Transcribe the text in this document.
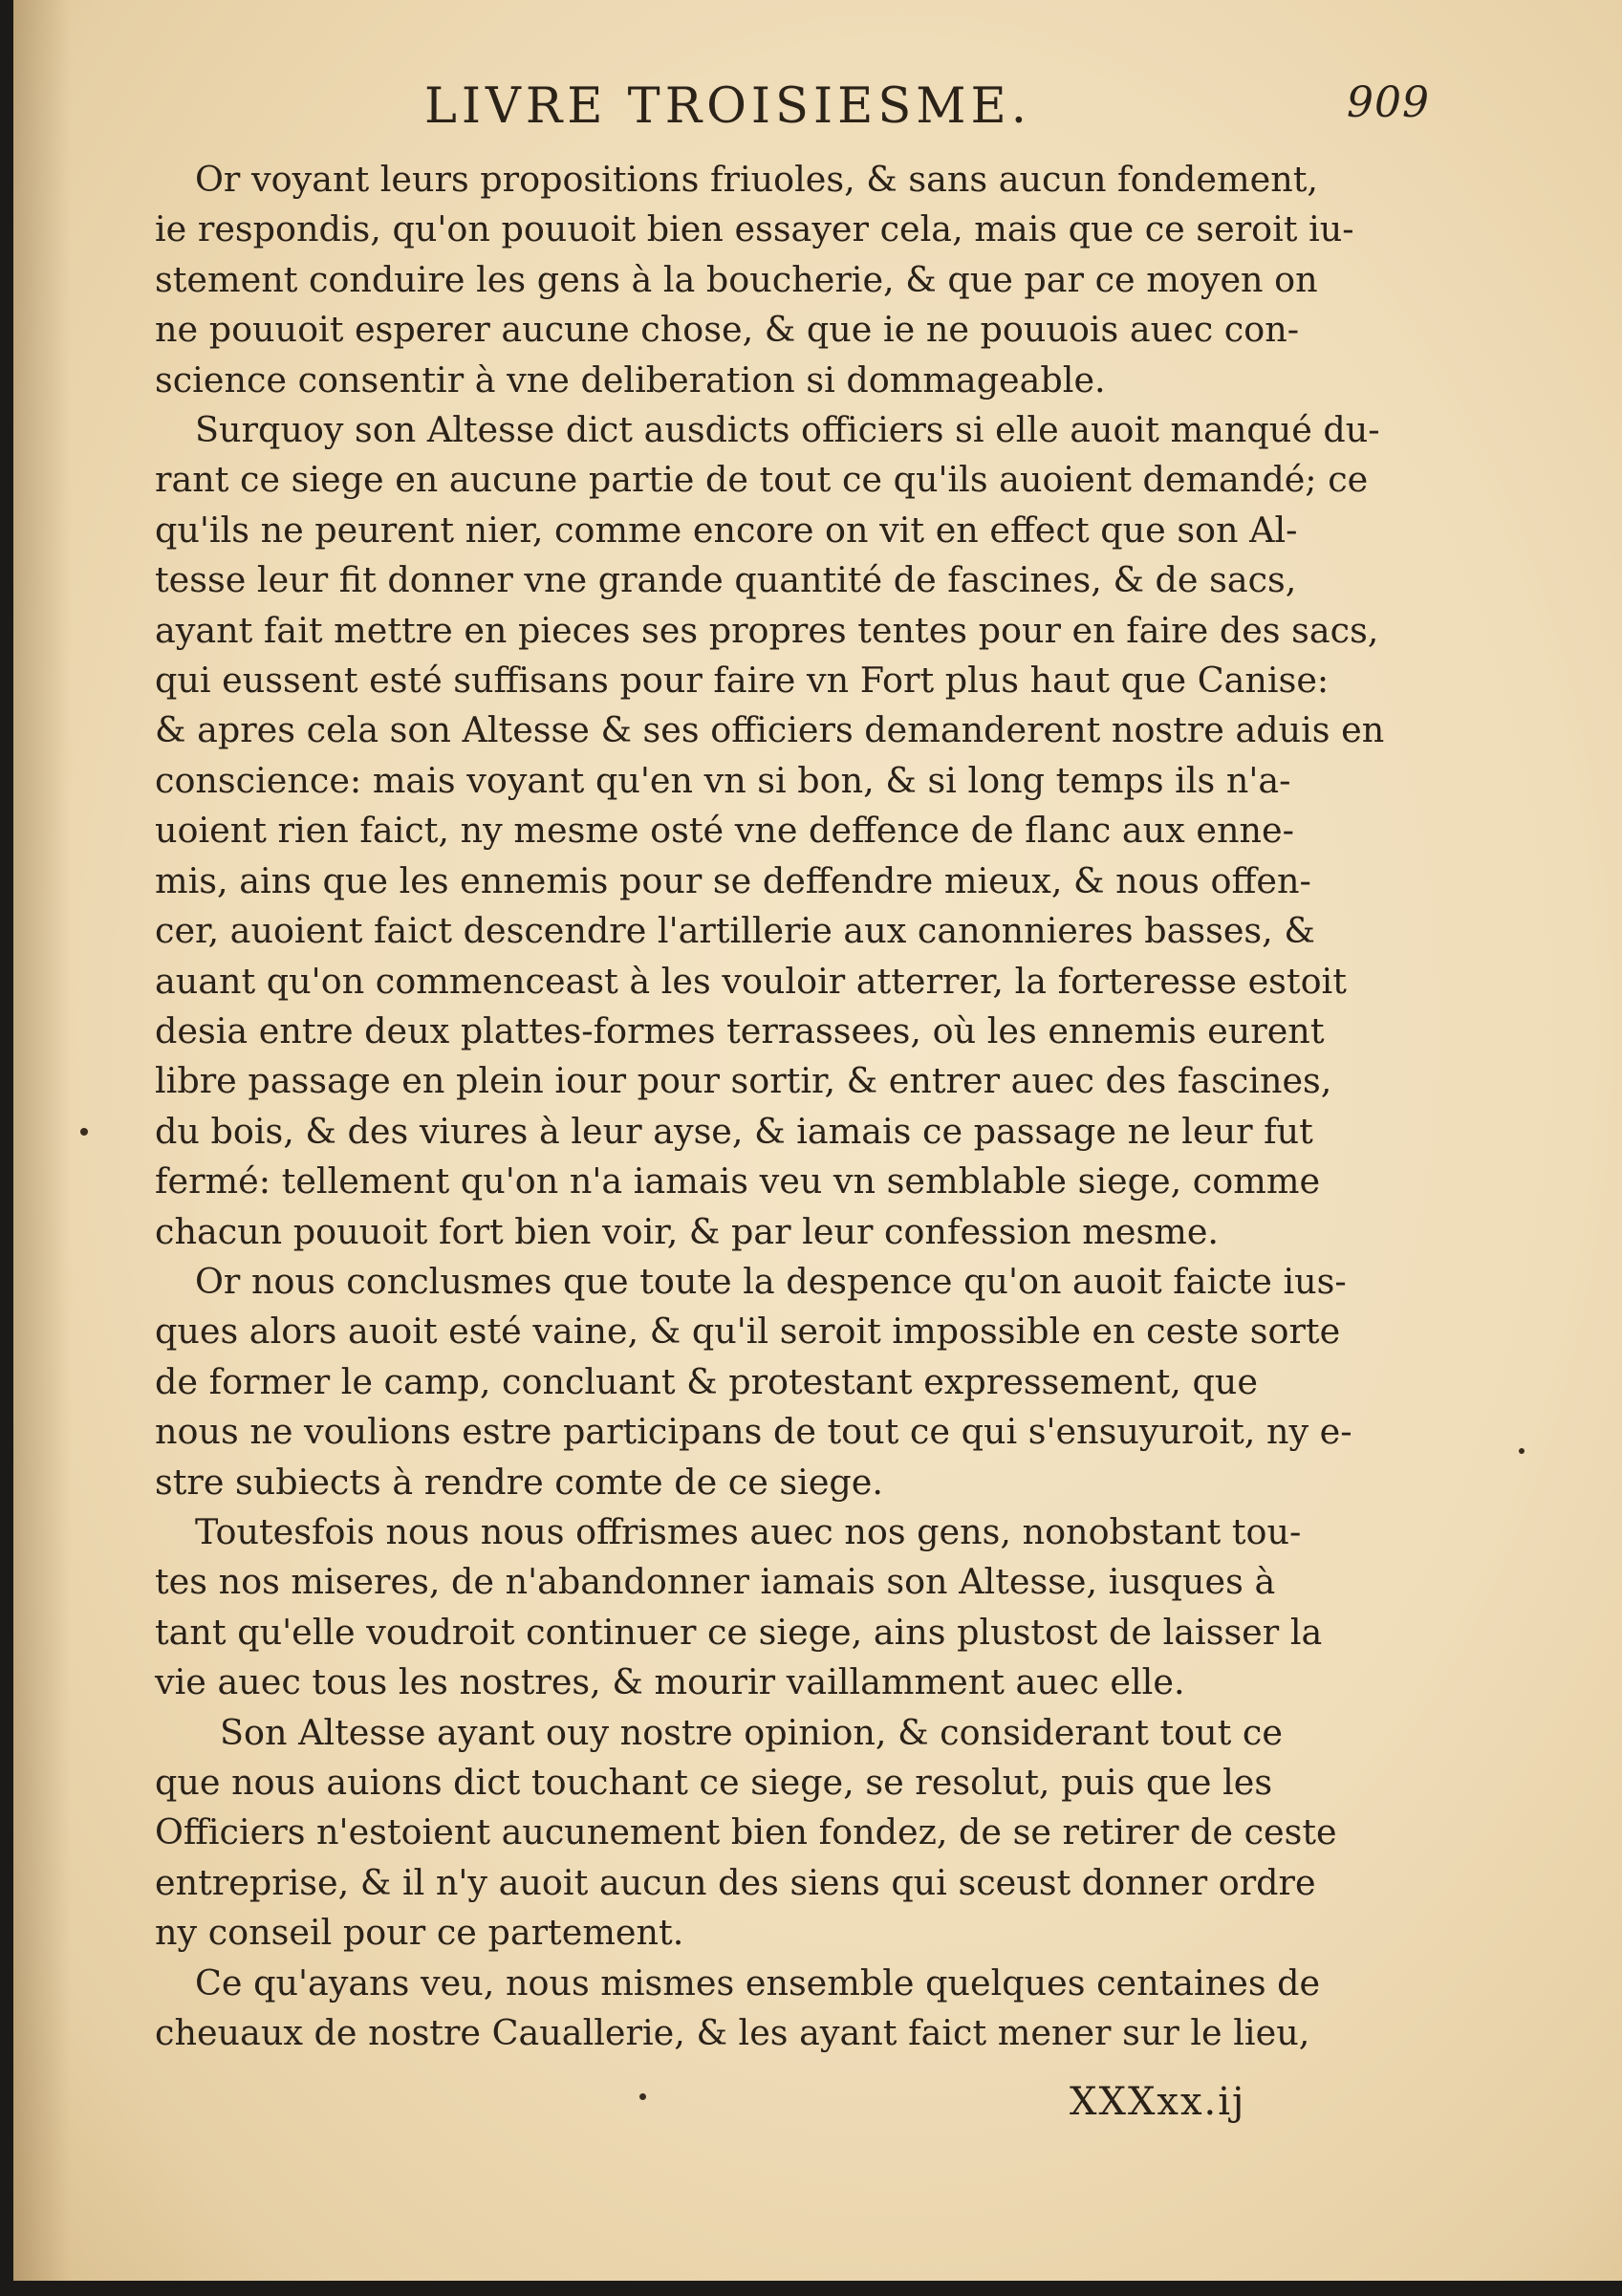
LIVRE TROISIESME.	909

Or voyant leurs propositions friuoles, & sans aucun fondement,
ie respondis, qu'on pouuoit bien essayer cela, mais que ce seroit iu-
stement conduire les gens à la boucherie, & que par ce moyen on
ne pouuoit esperer aucune chose, & que ie ne pouuois auec con-
science consentir à vne deliberation si dommageable.

Surquoy son Altesse dict ausdicts officiers si elle auoit manqué du-
rant ce siege en aucune partie de tout ce qu'ils auoient demandé; ce
qu'ils ne peurent nier, comme encore on vit en effect que son Al-
tesse leur fit donner vne grande quantité de fascines, & de sacs,
ayant fait mettre en pieces ses propres tentes pour en faire des sacs,
qui eussent esté suffisans pour faire vn Fort plus haut que Canise:
& apres cela son Altesse & ses officiers demanderent nostre aduis en
conscience: mais voyant qu'en vn si bon, & si long temps ils n'a-
uoient rien faict, ny mesme osté vne deffence de flanc aux enne-
mis, ains que les ennemis pour se deffendre mieux, & nous offen-
cer, auoient faict descendre l'artillerie aux canonnieres basses, &
auant qu'on commenceast à les vouloir atterrer, la forteresse estoit
desia entre deux plattes-formes terrassees, où les ennemis eurent
libre passage en plein iour pour sortir, & entrer auec des fascines,
du bois, & des viures à leur ayse, & iamais ce passage ne leur fut
fermé: tellement qu'on n'a iamais veu vn semblable siege, comme
chacun pouuoit fort bien voir, & par leur confession mesme.

Or nous conclusmes que toute la despence qu'on auoit faicte ius-
ques alors auoit esté vaine, & qu'il seroit impossible en ceste sorte
de former le camp, concluant & protestant expressement, que
nous ne voulions estre participans de tout ce qui s'ensuyuroit, ny e-
stre subiects à rendre comte de ce siege.

Toutesfois nous nous offrismes auec nos gens, nonobstant tou-
tes nos miseres, de n'abandonner iamais son Altesse, iusques à
tant qu'elle voudroit continuer ce siege, ains plustost de laisser la
vie auec tous les nostres, & mourir vaillamment auec elle.

Son Altesse ayant ouy nostre opinion, & considerant tout ce
que nous auions dict touchant ce siege, se resolut, puis que les
Officiers n'estoient aucunement bien fondez, de se retirer de ceste
entreprise, & il n'y auoit aucun des siens qui sceust donner ordre
ny conseil pour ce partement.

Ce qu'ayans veu, nous mismes ensemble quelques centaines de
cheuaux de nostre Cauallerie, & les ayant faict mener sur le lieu,

XXXxx.ij
